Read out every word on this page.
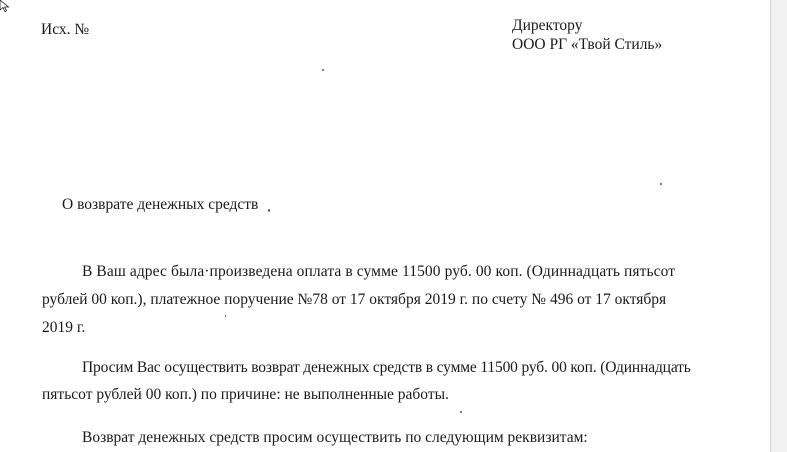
Исх. №	Директору
ООО РГ «Твой Стиль»
О возврате денежных средств
В Ваш адрес была·произведена оплата в сумме 11500 руб. 00 коп. (Одиннадцать пятьсот
рублей 00 коп.), платежное поручение №78 от 17 октября 2019 г. по счету № 496 от 17 октября
2019 г.
Просим Вас осуществить возврат денежных средств в сумме 11500 руб. 00 коп. (Одиннадцать
пятьсот рублей 00 коп.) по причине: не выполненные работы.
Возврат денежных средств просим осуществить по следующим реквизитам:
